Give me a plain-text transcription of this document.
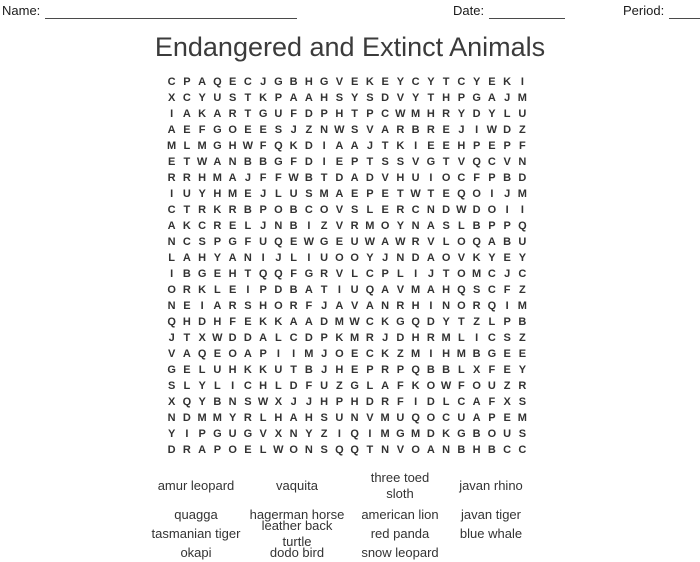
Name:	Date:	Period:
Endangered and Extinct Animals
C P A Q E C J G B H G V E K E Y C Y T C Y E K I
X C Y U S T K P A A H S Y S D V Y T H P G A J M
I A K A R T G U F D P H T P C W M H R Y D Y L U
A E F G O E E S J Z N W S V A R B R E J I W D Z
M L M G H W F Q K D I A A J T K I E E H P E P F
E T W A N B B G F D I E P T S S V G T V Q C V N
R R H M A J F F W B T D A D V H U I O C F P B D
I U Y H M E J L U S M A E P E T W T E Q O I J M
C T R K R B P O B C O V S L E R C N D W D O I	I
A K C R E L J N B I Z V R M O Y N A S L B P P Q
N C S P G F U Q E W G E U W A W R V L O Q A B U
L A H Y A N I J L I U O O Y J N D A O V K Y E Y
I B G E H T Q Q F G R V L C P L I J T O M C J C
O R K L E I P D B A T I U Q A V M A H Q S C F Z
N E I A R S H O R F J A V A N R H I N O R Q I M
Q H D H F E K K A A D M W C K G Q D Y T Z L P B
J T X W D D A L C D P K M R J D H R M L I C S Z
V A Q E O A P I	I M J O E C K Z M I H M B G E E
G E L U H K K U T B J H E P R P Q B B L X F E Y
S L Y L I C H L D F U Z G L A F K O W F O U Z R
X Q Y B N S W X J J H P H D R F I D L C A F X S
N D M M Y R L H A H S U N V M U Q O C U A P E M
Y I P G U G V X N Y Z I Q I M G M D K G B O U S
D R A P O E L W O N S Q Q T N V O A N B H B C C
amur leopard
quagga
tasmanian tiger
okapi
vaquita
hagerman horse
leather back turtle
dodo bird
three toed sloth
american lion
red panda
snow leopard
javan rhino
javan tiger
blue whale
